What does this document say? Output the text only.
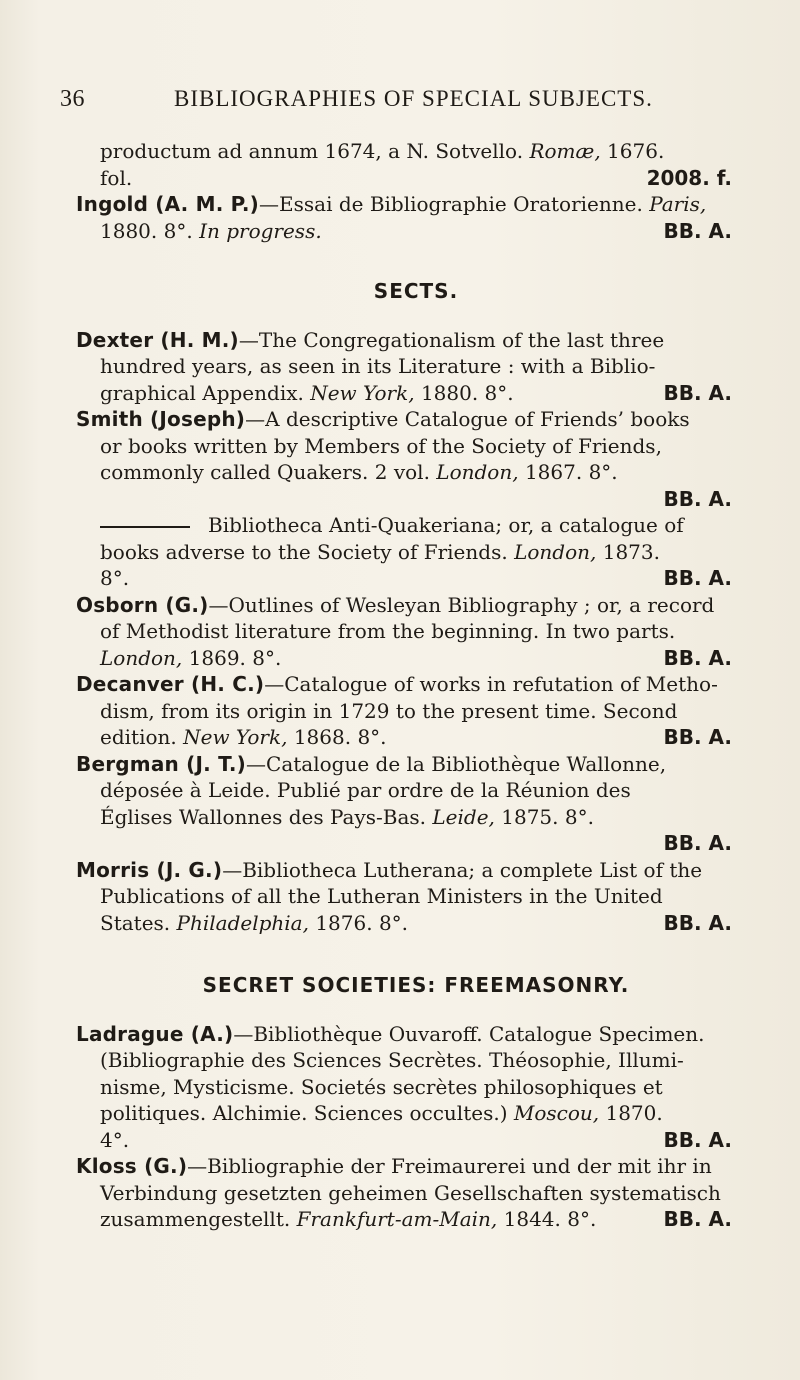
36	BIBLIOGRAPHIES OF SPECIAL SUBJECTS.

productum ad annum 1674, a N. Sotvello. Romæ, 1676.
fol.	2008. f.

Ingold (A. M. P.)—Essai de Bibliographie Oratorienne. Paris,
1880. 8°. In progress.	BB. A.

SECTS.

Dexter (H. M.)—The Congregationalism of the last three
hundred years, as seen in its Literature : with a Biblio-
graphical Appendix. New York, 1880. 8°.	BB. A.

Smith (Joseph)—A descriptive Catalogue of Friends’ books
or books written by Members of the Society of Friends,
commonly called Quakers. 2 vol. London, 1867. 8°.
BB. A.

Bibliotheca Anti-Quakeriana; or, a catalogue of
books adverse to the Society of Friends. London, 1873.
8°.	BB. A.

Osborn (G.)—Outlines of Wesleyan Bibliography ; or, a record
of Methodist literature from the beginning. In two parts.
London, 1869. 8°.	BB. A.

Decanver (H. C.)—Catalogue of works in refutation of Metho-
dism, from its origin in 1729 to the present time. Second
edition. New York, 1868. 8°.	BB. A.

Bergman (J. T.)—Catalogue de la Bibliothèque Wallonne,
déposée à Leide. Publié par ordre de la Réunion des
Églises Wallonnes des Pays-Bas. Leide, 1875. 8°.
BB. A.

Morris (J. G.)—Bibliotheca Lutherana; a complete List of the
Publications of all the Lutheran Ministers in the United
States. Philadelphia, 1876. 8°.	BB. A.

SECRET SOCIETIES: FREEMASONRY.

Ladrague (A.)—Bibliothèque Ouvaroff. Catalogue Specimen.
(Bibliographie des Sciences Secrètes. Théosophie, Illumi-
nisme, Mysticisme. Societés secrètes philosophiques et
politiques. Alchimie. Sciences occultes.) Moscou, 1870.
4°.	BB. A.

Kloss (G.)—Bibliographie der Freimaurerei und der mit ihr in
Verbindung gesetzten geheimen Gesellschaften systematisch
zusammengestellt. Frankfurt-am-Main, 1844. 8°.	BB. A.
